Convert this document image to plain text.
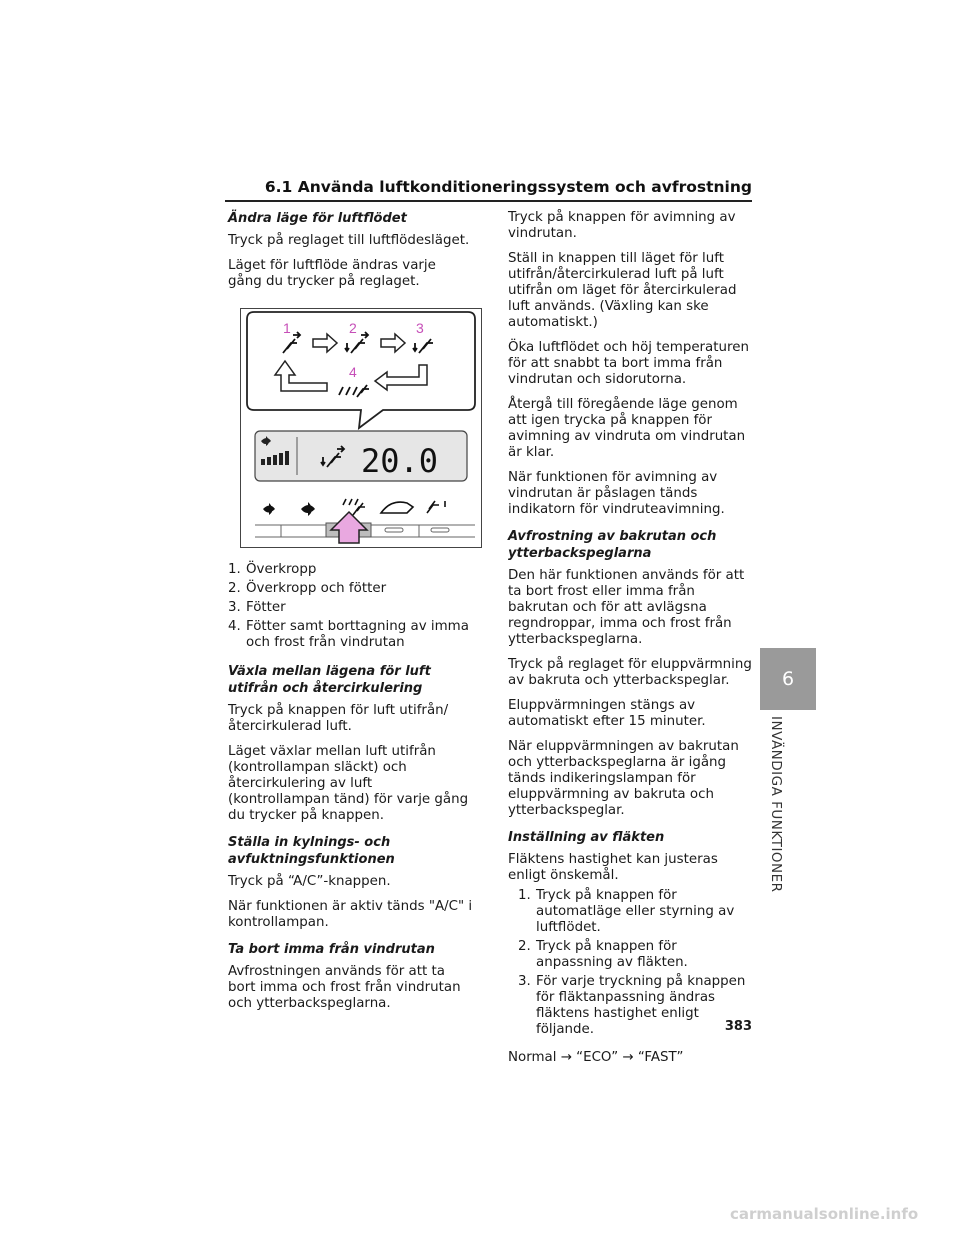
6.1 Använda luftkonditioneringssystem och avfrostning
Ändra läge för luftflödet

Tryck på reglaget till luftflödesläget.

Läget för luftflöde ändras varje gång du trycker på reglaget.

1	2	3
4
20.0
1. Överkropp
2. Överkropp och fötter
3. Fötter
4. Fötter samt borttagning av imma och frost från vindrutan
Växla mellan lägena för luft utifrån och återcirkulering

Tryck på knappen för luft utifrån/ återcirkulerad luft.

Läget växlar mellan luft utifrån (kontrollampan släckt) och återcirkulering av luft (kontrollampan tänd) för varje gång du trycker på knappen.

Ställa in kylnings- och avfuktningsfunktionen

Tryck på “A/C”-knappen.

När funktionen är aktiv tänds "A/C" i kontrollampan.

Ta bort imma från vindrutan

Avfrostningen används för att ta bort imma och frost från vindrutan och ytterbackspeglarna.

Tryck på knappen för avimning av vindrutan.

Ställ in knappen till läget för luft utifrån/återcirkulerad luft på luft utifrån om läget för återcirkulerad luft används. (Växling kan ske automatiskt.)

Öka luftflödet och höj temperaturen för att snabbt ta bort imma från vindrutan och sidorutorna.

Återgå till föregående läge genom att igen trycka på knappen för avimning av vindruta om vindrutan är klar.

När funktionen för avimning av vindrutan är påslagen tänds indikatorn för vindruteavimning.

Avfrostning av bakrutan och ytterbackspeglarna

Den här funktionen används för att ta bort frost eller imma från bakrutan och för att avlägsna regndroppar, imma och frost från ytterbackspeglarna.

Tryck på reglaget för eluppvärmning av bakruta och ytterbackspeglar.

Eluppvärmningen stängs av automatiskt efter 15 minuter.

När eluppvärmningen av bakrutan och ytterbackspeglarna är igång tänds indikeringslampan för eluppvärmning av bakruta och ytterbackspeglar.

Inställning av fläkten

Fläktens hastighet kan justeras enligt önskemål.

1. Tryck på knappen för automatläge eller styrning av luftflödet.
2. Tryck på knappen för anpassning av fläkten.
3. För varje tryckning på knappen för fläktanpassning ändras fläktens hastighet enligt följande.

Normal → “ECO” → “FAST”

6
INVÄNDIGA FUNKTIONER
383
carmanualsonline.info
